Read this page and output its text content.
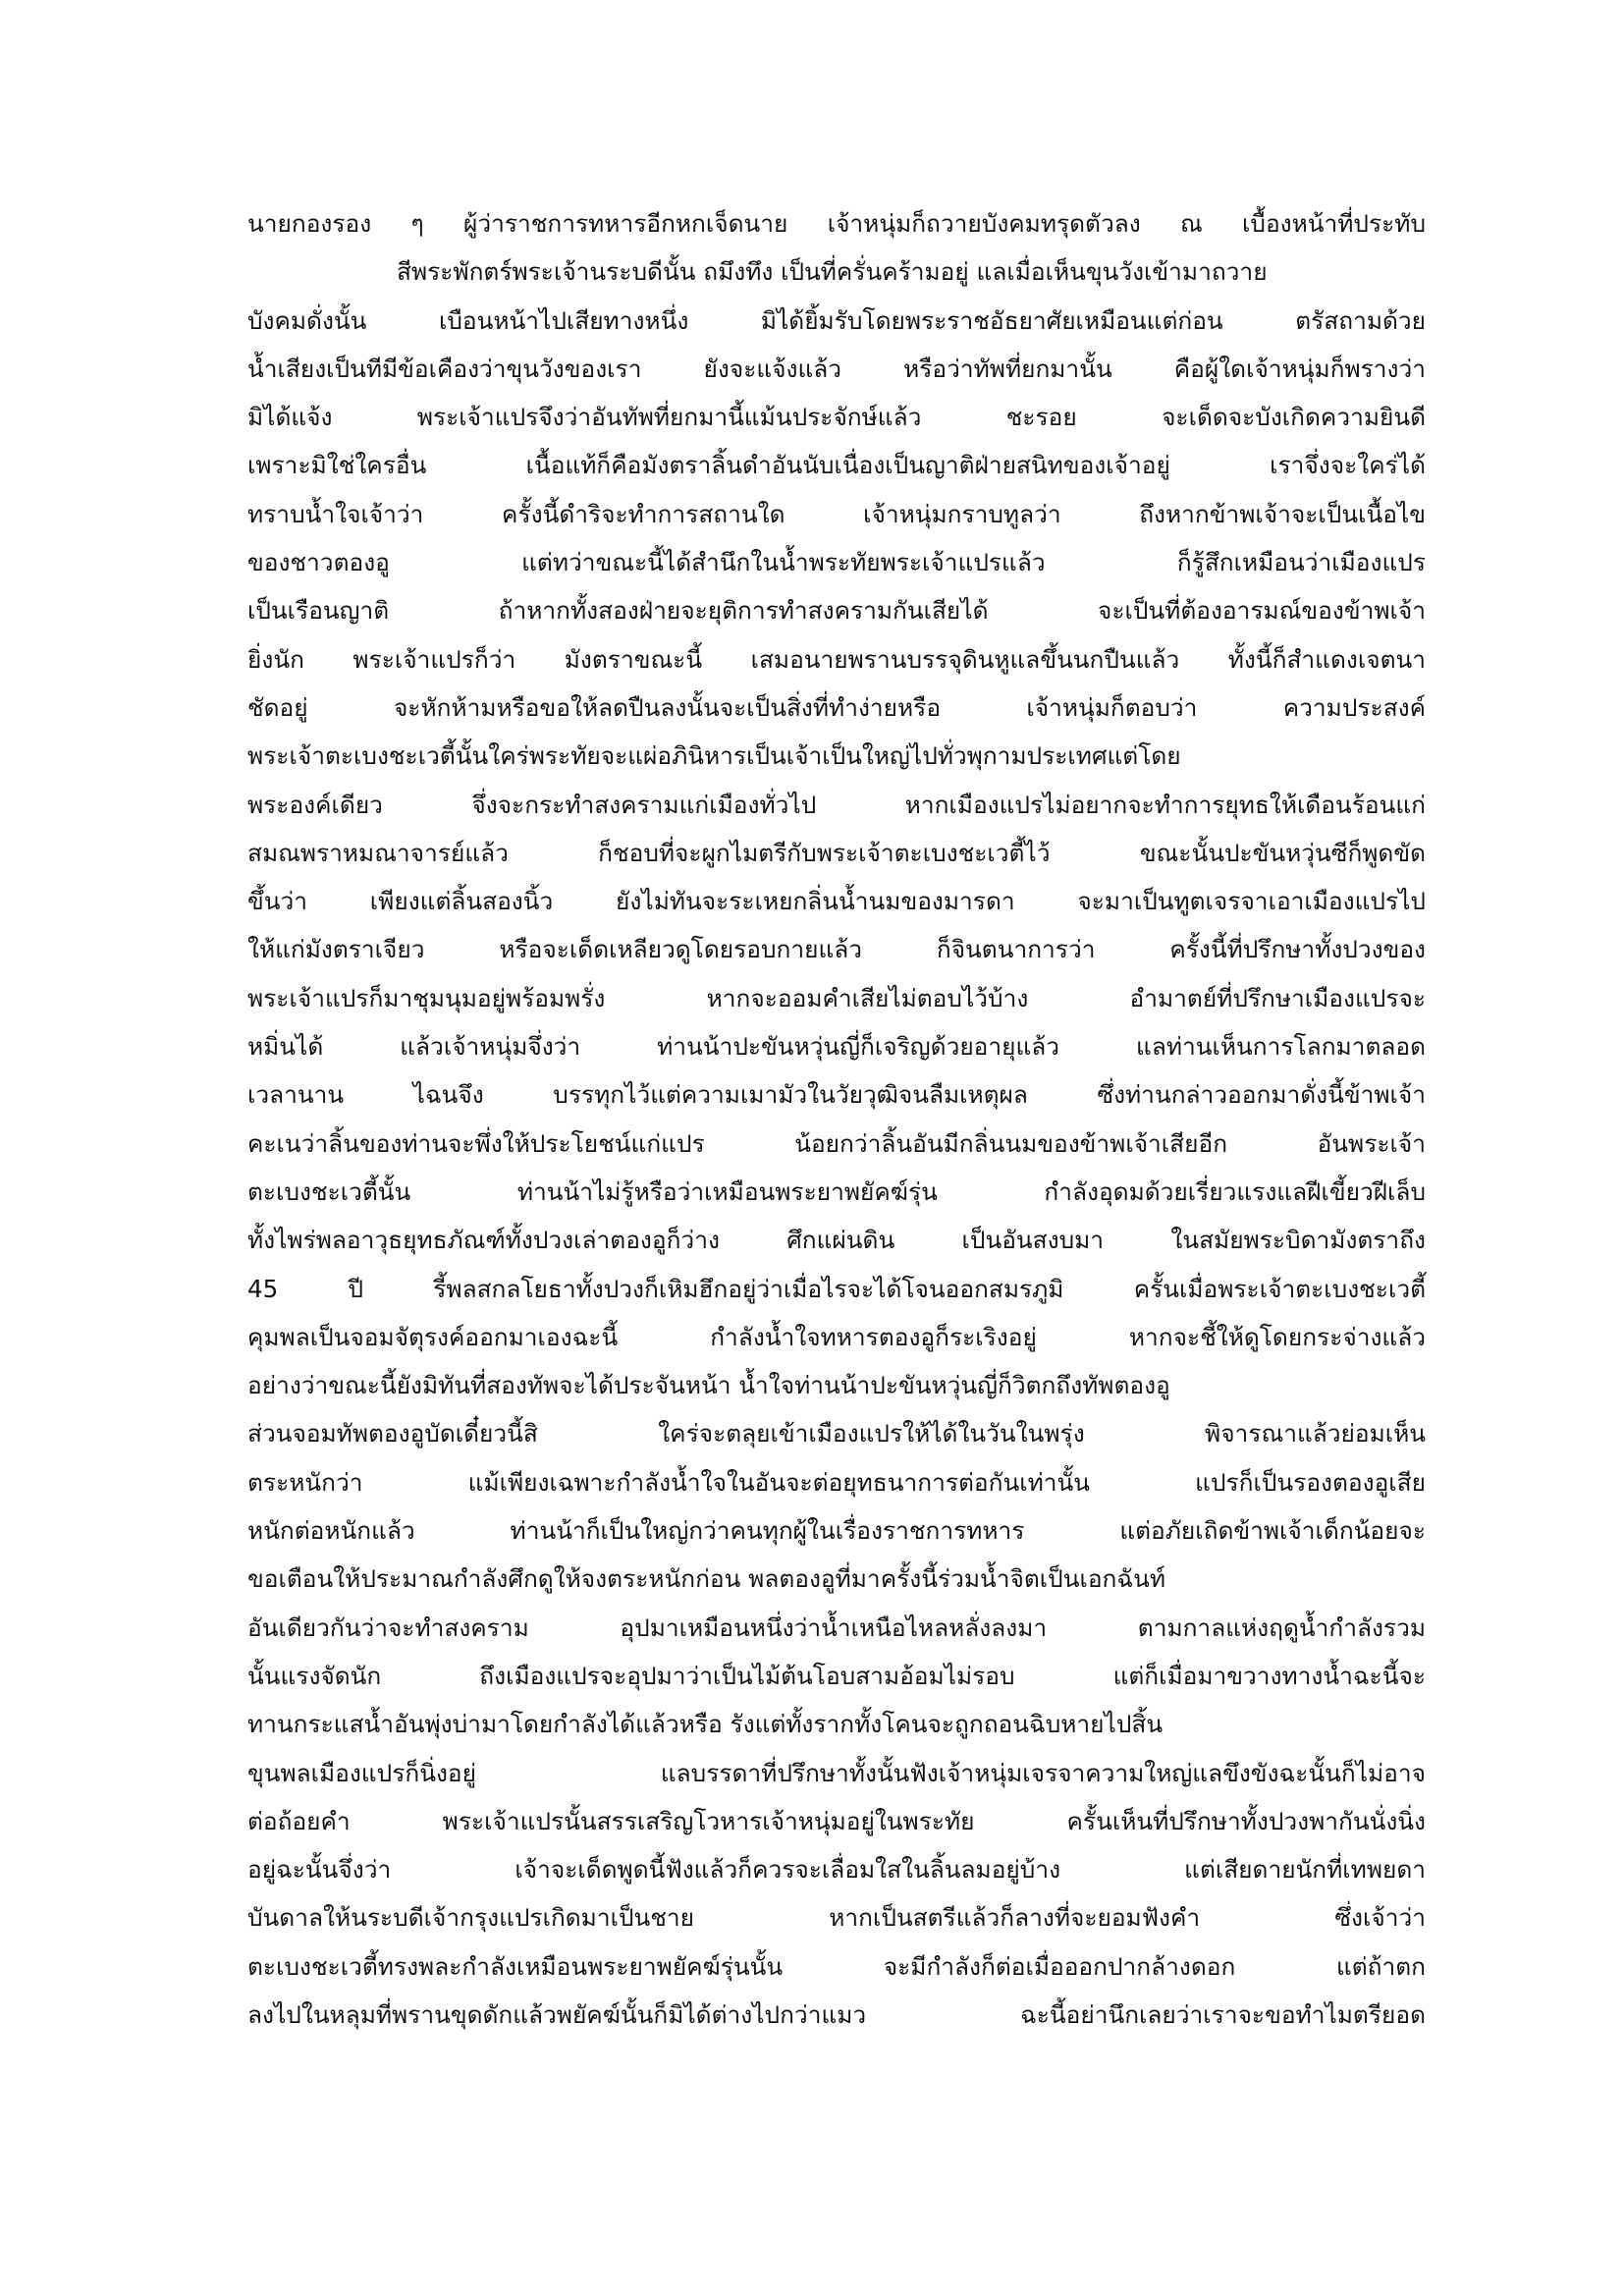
นายกองรอง ๆ ผู้ว่าราชการทหารอีกหกเจ็ดนาย เจ้าหนุ่มก็ถวายบังคมทรุดตัวลง ณ เบื้องหน้าที่ประทับ
สีพระพักตร์พระเจ้านระบดีนั้น ถมึงทึง เป็นที่ครั่นคร้ามอยู่ แลเมื่อเห็นขุนวังเข้ามาถวาย
บังคมดั่งนั้น เบือนหน้าไปเสียทางหนึ่ง มิได้ยิ้มรับโดยพระราชอัธยาศัยเหมือนแต่ก่อน ตรัสถามด้วย
น้ำเสียงเป็นทีมีข้อเคืองว่าขุนวังของเรา ยังจะแจ้งแล้ว หรือว่าทัพที่ยกมานั้น คือผู้ใดเจ้าหนุ่มก็พรางว่า
มิได้แจ้ง พระเจ้าแปรจึงว่าอันทัพที่ยกมานี้แม้นประจักษ์แล้ว ชะรอย จะเด็ดจะบังเกิดความยินดี
เพราะมิใช่ใครอื่น เนื้อแท้ก็คือมังตราลิ้นดำอันนับเนื่องเป็นญาติฝ่ายสนิทของเจ้าอยู่ เราจึ่งจะใคร่ได้
ทราบน้ำใจเจ้าว่า ครั้งนี้ดำริจะทำการสถานใด เจ้าหนุ่มกราบทูลว่า ถึงหากข้าพเจ้าจะเป็นเนื้อไข
ของชาวตองอู แต่ทว่าขณะนี้ได้สำนึกในน้ำพระทัยพระเจ้าแปรแล้ว ก็รู้สึกเหมือนว่าเมืองแปร
เป็นเรือนญาติ ถ้าหากทั้งสองฝ่ายจะยุติการทำสงครามกันเสียได้ จะเป็นที่ต้องอารมณ์ของข้าพเจ้า
ยิ่งนัก พระเจ้าแปรก็ว่า มังตราขณะนี้ เสมอนายพรานบรรจุดินหูแลขึ้นนกปืนแล้ว ทั้งนี้ก็สำแดงเจตนา
ชัดอยู่ จะหักห้ามหรือขอให้ลดปืนลงนั้นจะเป็นสิ่งที่ทำง่ายหรือ เจ้าหนุ่มก็ตอบว่า ความประสงค์
พระเจ้าตะเบงชะเวตี้นั้นใคร่พระทัยจะแผ่อภินิหารเป็นเจ้าเป็นใหญ่ไปทั่วพุกามประเทศแต่โดย
พระองค์เดียว จึ่งจะกระทำสงครามแก่เมืองทั่วไป หากเมืองแปรไม่อยากจะทำการยุทธให้เดือนร้อนแก่
สมณพราหมณาจารย์แล้ว ก็ชอบที่จะผูกไมตรีกับพระเจ้าตะเบงชะเวตี้ไว้ ขณะนั้นปะขันหวุ่นซีก็พูดขัด
ขึ้นว่า เพียงแต่ลิ้นสองนิ้ว ยังไม่ทันจะระเหยกลิ่นน้ำนมของมารดา จะมาเป็นทูตเจรจาเอาเมืองแปรไป
ให้แก่มังตราเจียว หรือจะเด็ดเหลียวดูโดยรอบกายแล้ว ก็จินตนาการว่า ครั้งนี้ที่ปรึกษาทั้งปวงของ
พระเจ้าแปรก็มาชุมนุมอยู่พร้อมพรั่ง หากจะออมคำเสียไม่ตอบไว้บ้าง อำมาตย์ที่ปรึกษาเมืองแปรจะ
หมิ่นได้ แล้วเจ้าหนุ่มจึ่งว่า ท่านน้าปะขันหวุ่นญี่ก็เจริญด้วยอายุแล้ว แลท่านเห็นการโลกมาตลอด
เวลานาน ไฉนจึง บรรทุกไว้แต่ความเมามัวในวัยวุฒิจนลืมเหตุผล ซึ่งท่านกล่าวออกมาดั่งนี้ข้าพเจ้า
คะเนว่าลิ้นของท่านจะพึ่งให้ประโยชน์แก่แปร น้อยกว่าลิ้นอันมีกลิ่นนมของข้าพเจ้าเสียอีก อันพระเจ้า
ตะเบงชะเวตี้นั้น ท่านน้าไม่รู้หรือว่าเหมือนพระยาพยัคฆ์รุ่น กำลังอุดมด้วยเรี่ยวแรงแลฝีเขี้ยวฝีเล็บ
ทั้งไพร่พลอาวุธยุทธภัณฑ์ทั้งปวงเล่าตองอูก็ว่าง ศึกแผ่นดิน เป็นอันสงบมา ในสมัยพระบิดามังตราถึง
45 ปี รี้พลสกลโยธาทั้งปวงก็เหิมฮึกอยู่ว่าเมื่อไรจะได้โจนออกสมรภูมิ ครั้นเมื่อพระเจ้าตะเบงชะเวตี้
คุมพลเป็นจอมจัตุรงค์ออกมาเองฉะนี้ กำลังน้ำใจทหารตองอูก็ระเริงอยู่ หากจะชี้ให้ดูโดยกระจ่างแล้ว
อย่างว่าขณะนี้ยังมิทันที่สองทัพจะได้ประจันหน้า น้ำใจท่านน้าปะขันหวุ่นญี่ก็วิตกถึงทัพตองอู
ส่วนจอมทัพตองอูบัดเดี๋ยวนี้สิ ใคร่จะตลุยเข้าเมืองแปรให้ได้ในวันในพรุ่ง พิจารณาแล้วย่อมเห็น
ตระหนักว่า แม้เพียงเฉพาะกำลังน้ำใจในอันจะต่อยุทธนาการต่อกันเท่านั้น แปรก็เป็นรองตองอูเสีย
หนักต่อหนักแล้ว ท่านน้าก็เป็นใหญ่กว่าคนทุกผู้ในเรื่องราชการทหาร แต่อภัยเถิดข้าพเจ้าเด็กน้อยจะ
ขอเตือนให้ประมาณกำลังศึกดูให้จงตระหนักก่อน พลตองอูที่มาครั้งนี้ร่วมน้ำจิตเป็นเอกฉันท์
อันเดียวกันว่าจะทำสงคราม อุปมาเหมือนหนึ่งว่าน้ำเหนือไหลหลั่งลงมา ตามกาลแห่งฤดูน้ำกำลังรวม
นั้นแรงจัดนัก ถึงเมืองแปรจะอุปมาว่าเป็นไม้ต้นโอบสามอ้อมไม่รอบ แต่ก็เมื่อมาขวางทางน้ำฉะนี้จะ
ทานกระแสน้ำอันพุ่งบ่ามาโดยกำลังได้แล้วหรือ รังแต่ทั้งรากทั้งโคนจะถูกถอนฉิบหายไปสิ้น
ขุนพลเมืองแปรก็นิ่งอยู่ แลบรรดาที่ปรึกษาทั้งนั้นฟังเจ้าหนุ่มเจรจาความใหญ่แลขึงขังฉะนั้นก็ไม่อาจ
ต่อถ้อยคำ พระเจ้าแปรนั้นสรรเสริญโวหารเจ้าหนุ่มอยู่ในพระทัย ครั้นเห็นที่ปรึกษาทั้งปวงพากันนั่งนิ่ง
อยู่ฉะนั้นจึ่งว่า เจ้าจะเด็ดพูดนี้ฟังแล้วก็ควรจะเลื่อมใสในลิ้นลมอยู่บ้าง แต่เสียดายนักที่เทพยดา
บันดาลให้นระบดีเจ้ากรุงแปรเกิดมาเป็นชาย หากเป็นสตรีแล้วก็ลางที่จะยอมฟังคำ ซึ่งเจ้าว่า
ตะเบงชะเวตี้ทรงพละกำลังเหมือนพระยาพยัคฆ์รุ่นนั้น จะมีกำลังก็ต่อเมื่อออกปากล้างดอก แต่ถ้าตก
ลงไปในหลุมที่พรานขุดดักแล้วพยัคฆ์นั้นก็มิได้ต่างไปกว่าแมว ฉะนี้อย่านึกเลยว่าเราจะขอทำไมตรียอด
